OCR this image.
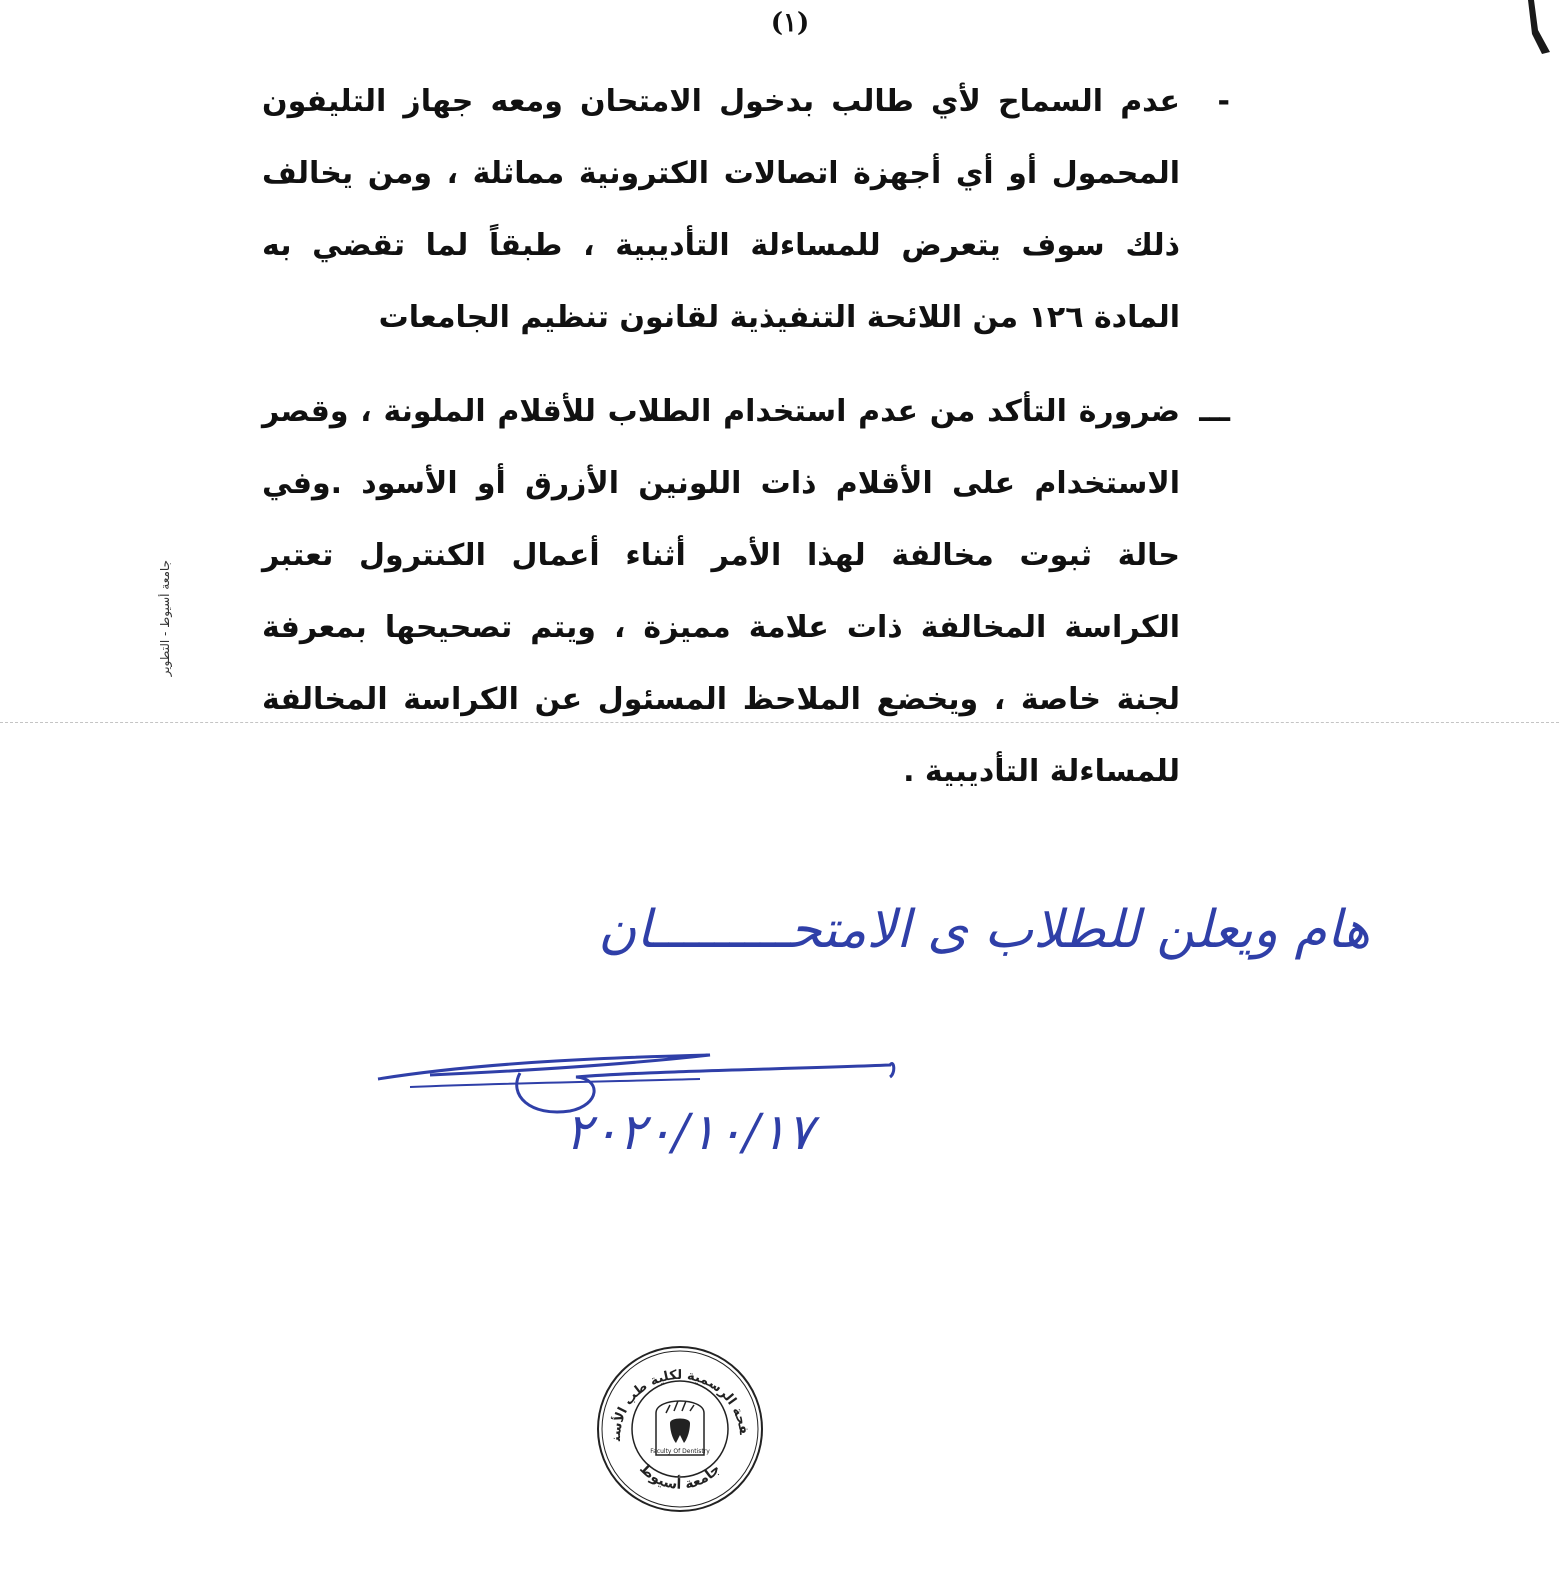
(١)
-

عدم السماح لأي طالب بدخول الامتحان ومعه جهاز التليفون المحمول أو أي أجهزة اتصالات الكترونية مماثلة ، ومن يخالف ذلك سوف يتعرض للمساءلة التأديبية ، طبقاً لما تقضي به المادة ١٢٦ من اللائحة التنفيذية لقانون تنظيم الجامعات

ـــ

ضرورة التأكد من عدم استخدام الطلاب للأقلام الملونة ، وقصر الاستخدام على الأقلام ذات اللونين الأزرق أو الأسود .وفي حالة ثبوت مخالفة لهذا الأمر أثناء أعمال الكنترول تعتبر الكراسة المخالفة ذات علامة مميزة ، ويتم تصحيحها بمعرفة لجنة خاصة ، ويخضع الملاحظ المسئول عن الكراسة المخالفة للمساءلة التأديبية .

جامعة أسيوط - التطوير
هام ويعلن للطلاب ى الامتحـــــــــان
٢٠٢٠/١٠/١٧
فحة الرسمية لكلية طب الأسنان
جامعة أسيوط
Faculty Of Dentistry
